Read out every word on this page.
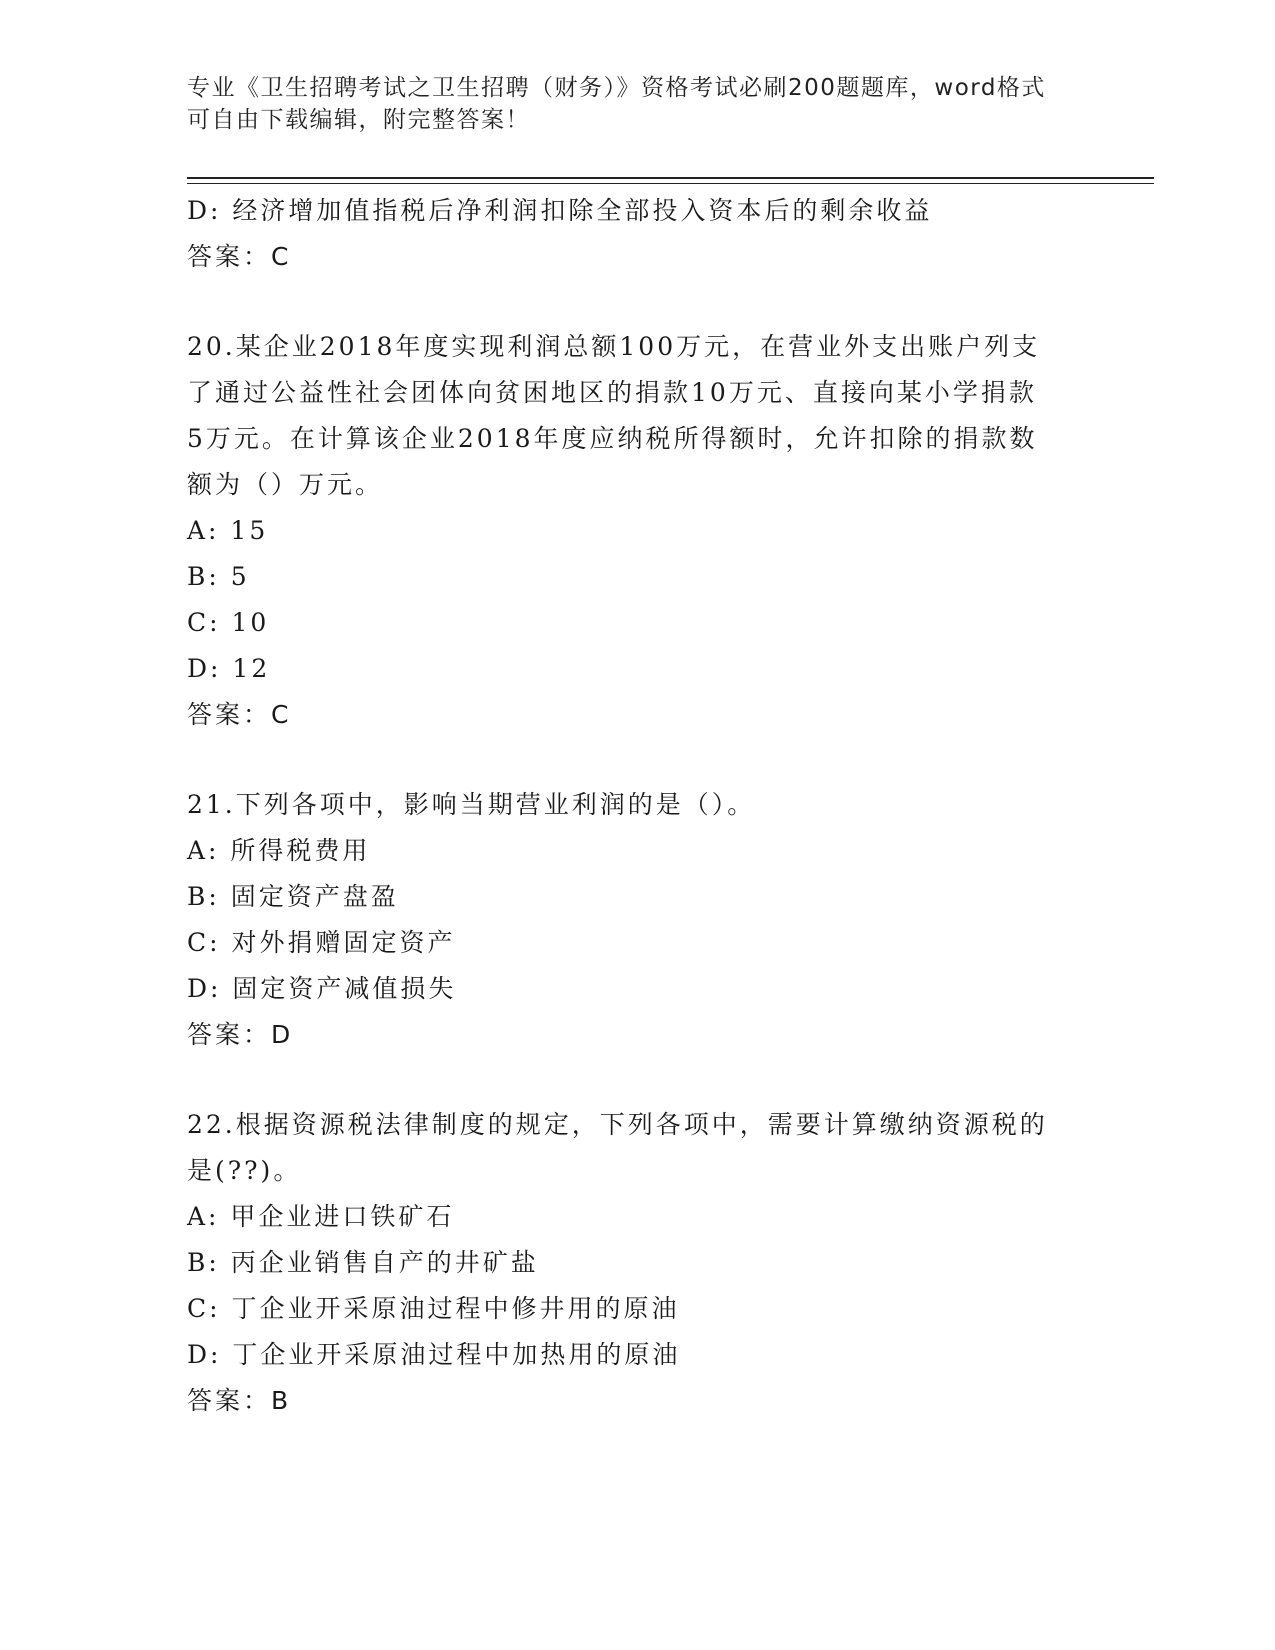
专业《卫生招聘考试之卫生招聘（财务）》资格考试必刷200题题库，word格式
可自由下载编辑，附完整答案！
D: 经济增加值指税后净利润扣除全部投入资本后的剩余收益
答案：C
20.某企业2018年度实现利润总额100万元，在营业外支出账户列支
了通过公益性社会团体向贫困地区的捐款10万元、直接向某小学捐款
5万元。在计算该企业2018年度应纳税所得额时，允许扣除的捐款数
额为（）万元。
A: 15
B: 5
C: 10
D: 12
答案：C
21.下列各项中，影响当期营业利润的是（）。
A: 所得税费用
B: 固定资产盘盈
C: 对外捐赠固定资产
D: 固定资产减值损失
答案：D
22.根据资源税法律制度的规定，下列各项中，需要计算缴纳资源税的
是(??)。
A: 甲企业进口铁矿石
B: 丙企业销售自产的井矿盐
C: 丁企业开采原油过程中修井用的原油
D: 丁企业开采原油过程中加热用的原油
答案：B
